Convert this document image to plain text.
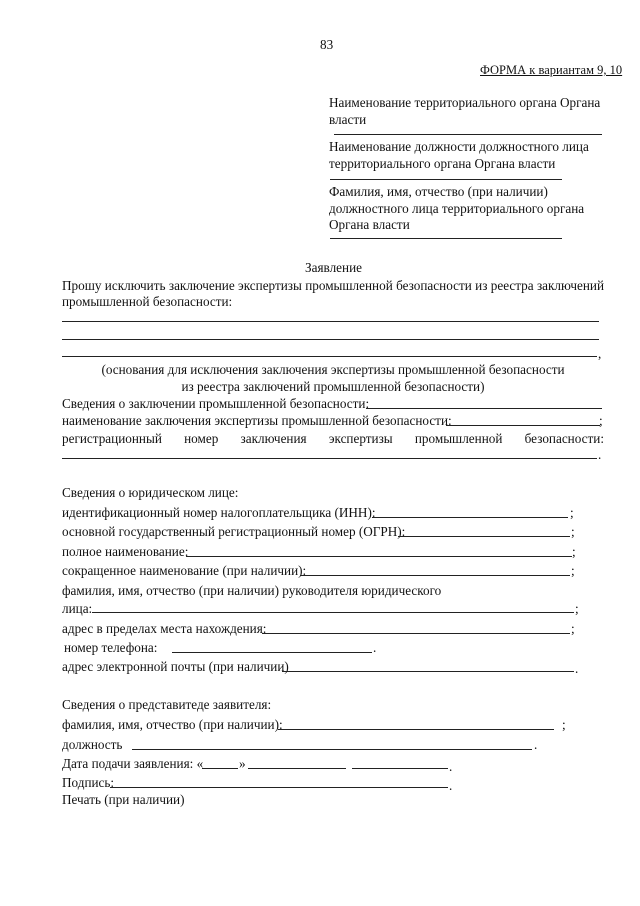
83
ФОРМА к вариантам 9, 10
Наименование территориального органа Органа
власти
Наименование должности должностного лица
территориального органа Органа власти
Фамилия, имя, отчество (при наличии)
должностного лица территориального органа
Органа власти
Заявление
Прошу исключить заключение экспертизы промышленной безопасности из реестра заключений
промышленной безопасности:
,
(основания для исключения заключения экспертизы промышленной безопасности
из реестра заключений промышленной безопасности)
Сведения о заключении промышленной безопасности:
наименование заключения экспертизы промышленной безопасности:	;
регистрационный номер заключения экспертизы промышленной безопасности:
.
Сведения о юридическом лице:
идентификационный номер налогоплательщика (ИНН):	;
основной государственный регистрационный номер (ОГРН):	;
полное наименование:	;
сокращенное наименование (при наличии):	;
фамилия, имя, отчество (при наличии) руководителя юридического
лица:	;
адрес в пределах места нахождения:	;
номер телефона:	.
адрес электронной почты (при наличии)	.
Сведения о представитеде заявителя:
фамилия, имя, отчество (при наличии):	;
должность	.
Дата подачи заявления: «	»	.
Подпись:	.
Печать (при наличии)
